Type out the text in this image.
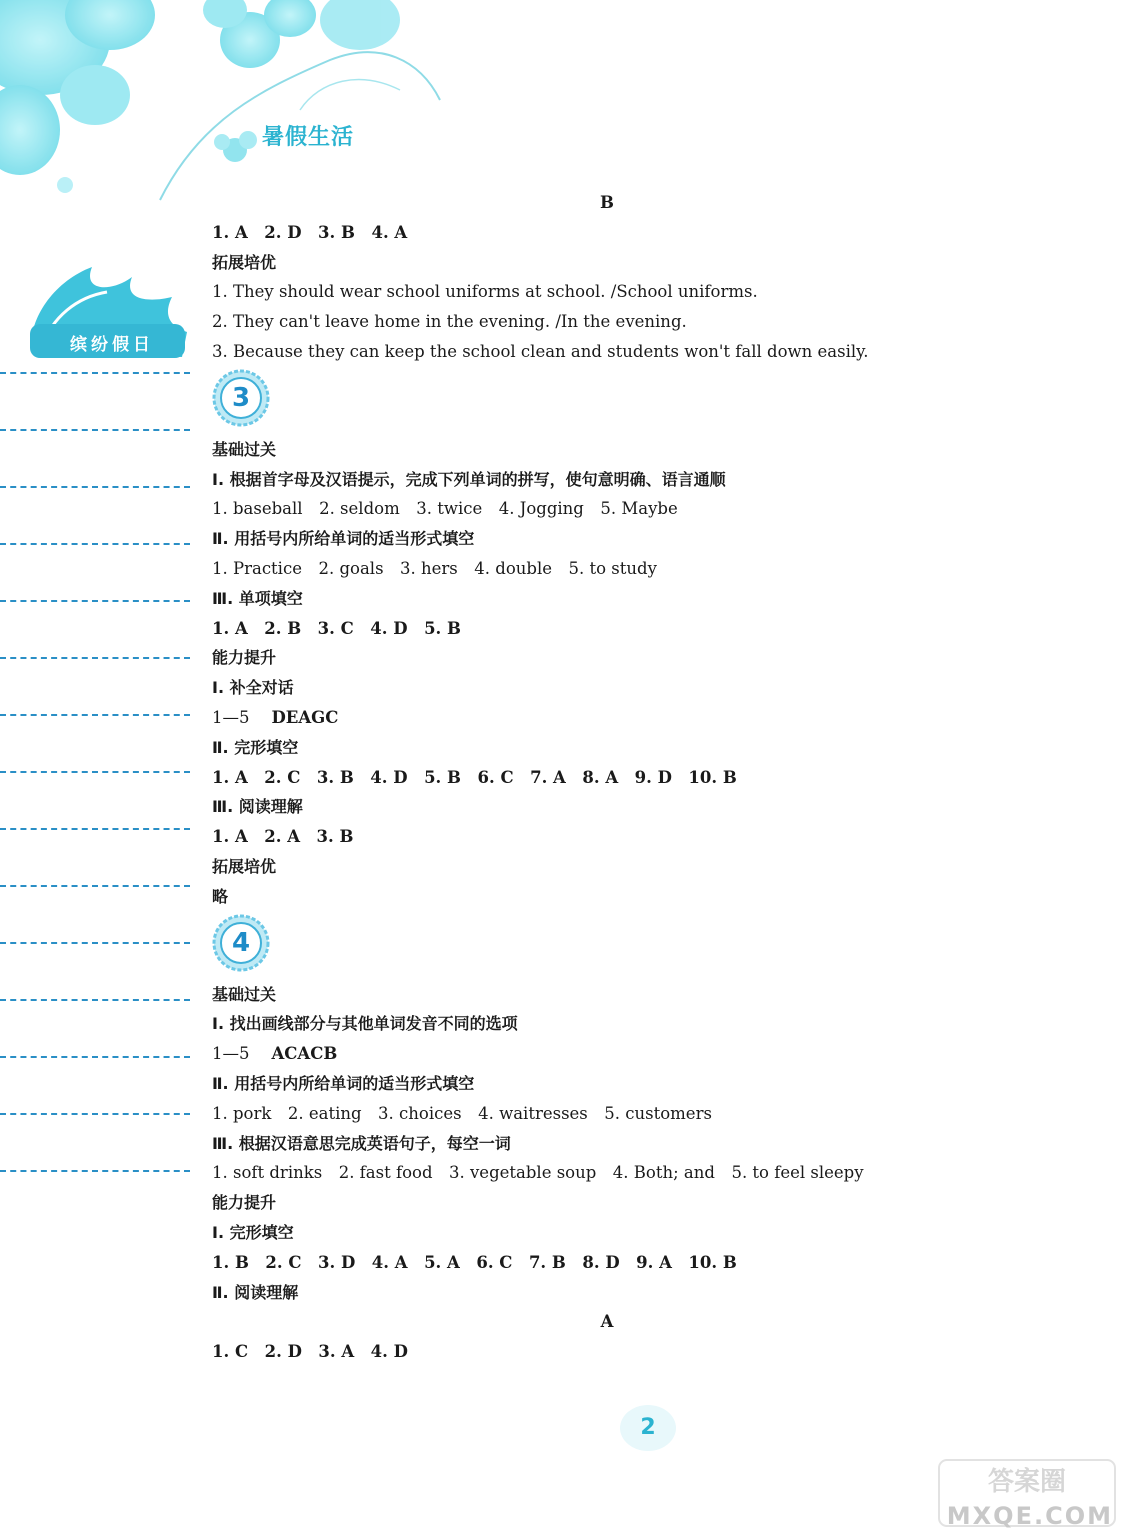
暑假生活
缤纷假日
B
1. A　2. D　3. B　4. A
拓展培优
1. They should wear school uniforms at school. /School uniforms.
2. They can't leave home in the evening. /In the evening.
3. Because they can keep the school clean and students won't fall down easily.
3
基础过关
Ⅰ. 根据首字母及汉语提示，完成下列单词的拼写，使句意明确、语言通顺
1. baseball　2. seldom　3. twice　4. Jogging　5. Maybe
Ⅱ. 用括号内所给单词的适当形式填空
1. Practice　2. goals　3. hers　4. double　5. to study
Ⅲ. 单项填空
1. A　2. B　3. C　4. D　5. B
能力提升
Ⅰ. 补全对话
1—5 DEAGC
Ⅱ. 完形填空
1. A　2. C　3. B　4. D　5. B　6. C　7. A　8. A　9. D　10. B
Ⅲ. 阅读理解
1. A　2. A　3. B
拓展培优
略
4
基础过关
Ⅰ. 找出画线部分与其他单词发音不同的选项
1—5 ACACB
Ⅱ. 用括号内所给单词的适当形式填空
1. pork　2. eating　3. choices　4. waitresses　5. customers
Ⅲ. 根据汉语意思完成英语句子，每空一词
1. soft drinks　2. fast food　3. vegetable soup　4. Both; and　5. to feel sleepy
能力提升
Ⅰ. 完形填空
1. B　2. C　3. D　4. A　5. A　6. C　7. B　8. D　9. A　10. B
Ⅱ. 阅读理解
A
1. C　2. D　3. A　4. D
2
答案圈
MXQE.COM
